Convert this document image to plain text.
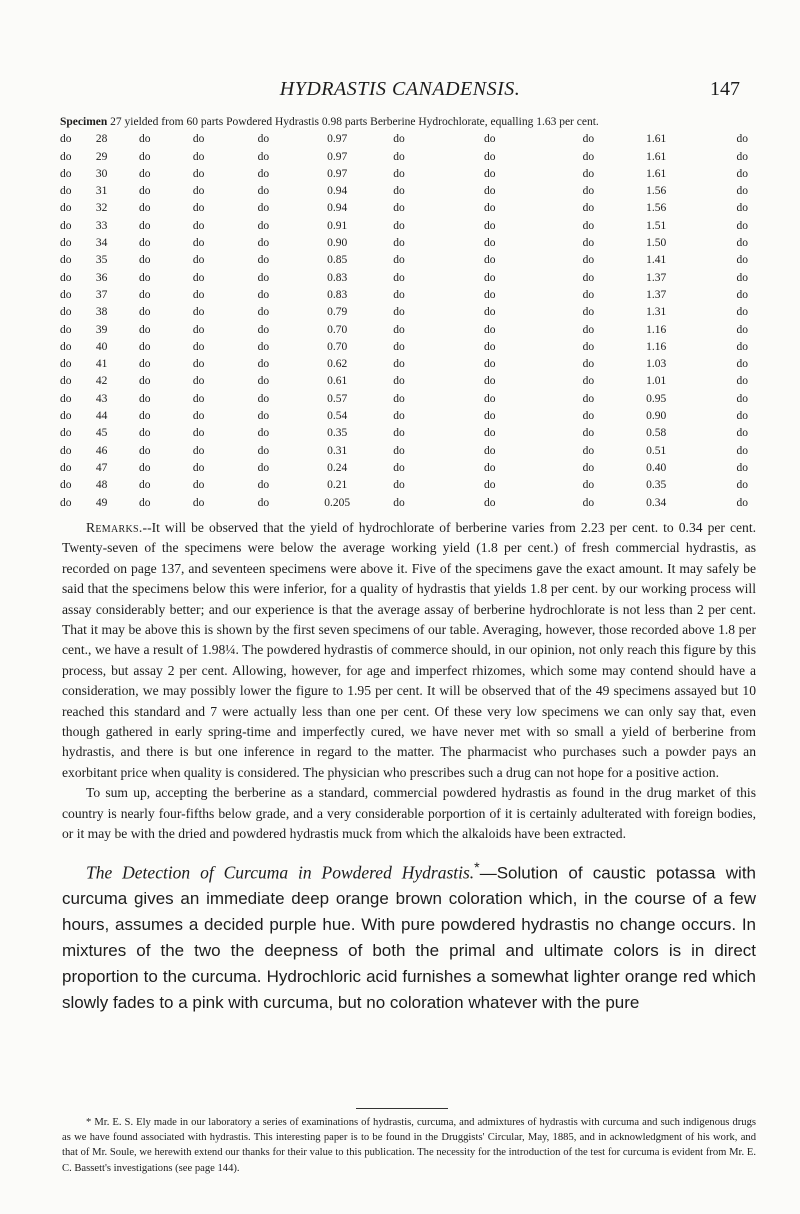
HYDRASTIS CANADENSIS.	147
Specimen 27 yielded from 60 parts Powdered Hydrastis 0.98 parts Berberine Hydrochlorate, equalling 1.63 per cent.										
do	28	do	do	do	0.97	do	do	do	1.61	do
do	29	do	do	do	0.97	do	do	do	1.61	do
do	30	do	do	do	0.97	do	do	do	1.61	do
do	31	do	do	do	0.94	do	do	do	1.56	do
do	32	do	do	do	0.94	do	do	do	1.56	do
do	33	do	do	do	0.91	do	do	do	1.51	do
do	34	do	do	do	0.90	do	do	do	1.50	do
do	35	do	do	do	0.85	do	do	do	1.41	do
do	36	do	do	do	0.83	do	do	do	1.37	do
do	37	do	do	do	0.83	do	do	do	1.37	do
do	38	do	do	do	0.79	do	do	do	1.31	do
do	39	do	do	do	0.70	do	do	do	1.16	do
do	40	do	do	do	0.70	do	do	do	1.16	do
do	41	do	do	do	0.62	do	do	do	1.03	do
do	42	do	do	do	0.61	do	do	do	1.01	do
do	43	do	do	do	0.57	do	do	do	0.95	do
do	44	do	do	do	0.54	do	do	do	0.90	do
do	45	do	do	do	0.35	do	do	do	0.58	do
do	46	do	do	do	0.31	do	do	do	0.51	do
do	47	do	do	do	0.24	do	do	do	0.40	do
do	48	do	do	do	0.21	do	do	do	0.35	do
do	49	do	do	do	0.205	do	do	do	0.34	do

Remarks.--It will be observed that the yield of hydrochlorate of berberine varies from 2.23 per cent. to 0.34 per cent. Twenty-seven of the specimens were below the average working yield (1.8 per cent.) of fresh commercial hydrastis, as recorded on page 137, and seventeen specimens were above it. Five of the specimens gave the exact amount. It may safely be said that the specimens below this were inferior, for a quality of hydrastis that yields 1.8 per cent. by our working process will assay considerably better; and our experience is that the average assay of berberine hydrochlorate is not less than 2 per cent. That it may be above this is shown by the first seven specimens of our table. Averaging, however, those recorded above 1.8 per cent., we have a result of 1.98¼. The powdered hydrastis of commerce should, in our opinion, not only reach this figure by this process, but assay 2 per cent. Allowing, however, for age and imperfect rhizomes, which some may contend should have a consideration, we may possibly lower the figure to 1.95 per cent. It will be observed that of the 49 specimens assayed but 10 reached this standard and 7 were actually less than one per cent. Of these very low specimens we can only say that, even though gathered in early spring-time and imperfectly cured, we have never met with so small a yield of berberine from hydrastis, and there is but one inference in regard to the matter. The pharmacist who purchases such a powder pays an exorbitant price when quality is considered. The physician who prescribes such a drug can not hope for a positive action.

To sum up, accepting the berberine as a standard, commercial powdered hydrastis as found in the drug market of this country is nearly four-fifths below grade, and a very considerable porportion of it is certainly adulterated with foreign bodies, or it may be with the dried and powdered hydrastis muck from which the alkaloids have been extracted.

The Detection of Curcuma in Powdered Hydrastis.*—Solution of caustic potassa with curcuma gives an immediate deep orange brown coloration which, in the course of a few hours, assumes a decided purple hue. With pure powdered hydrastis no change occurs. In mixtures of the two the deepness of both the primal and ultimate colors is in direct proportion to the curcuma. Hydrochloric acid furnishes a somewhat lighter orange red which slowly fades to a pink with curcuma, but no coloration whatever with the pure

* Mr. E. S. Ely made in our laboratory a series of examinations of hydrastis, curcuma, and admixtures of hydrastis with curcuma and such indigenous drugs as we have found associated with hydrastis. This interesting paper is to be found in the Druggists' Circular, May, 1885, and in acknowledgment of his work, and that of Mr. Soule, we herewith extend our thanks for their value to this publication. The necessity for the introduction of the test for curcuma is evident from Mr. E. C. Bassett's investigations (see page 144).
